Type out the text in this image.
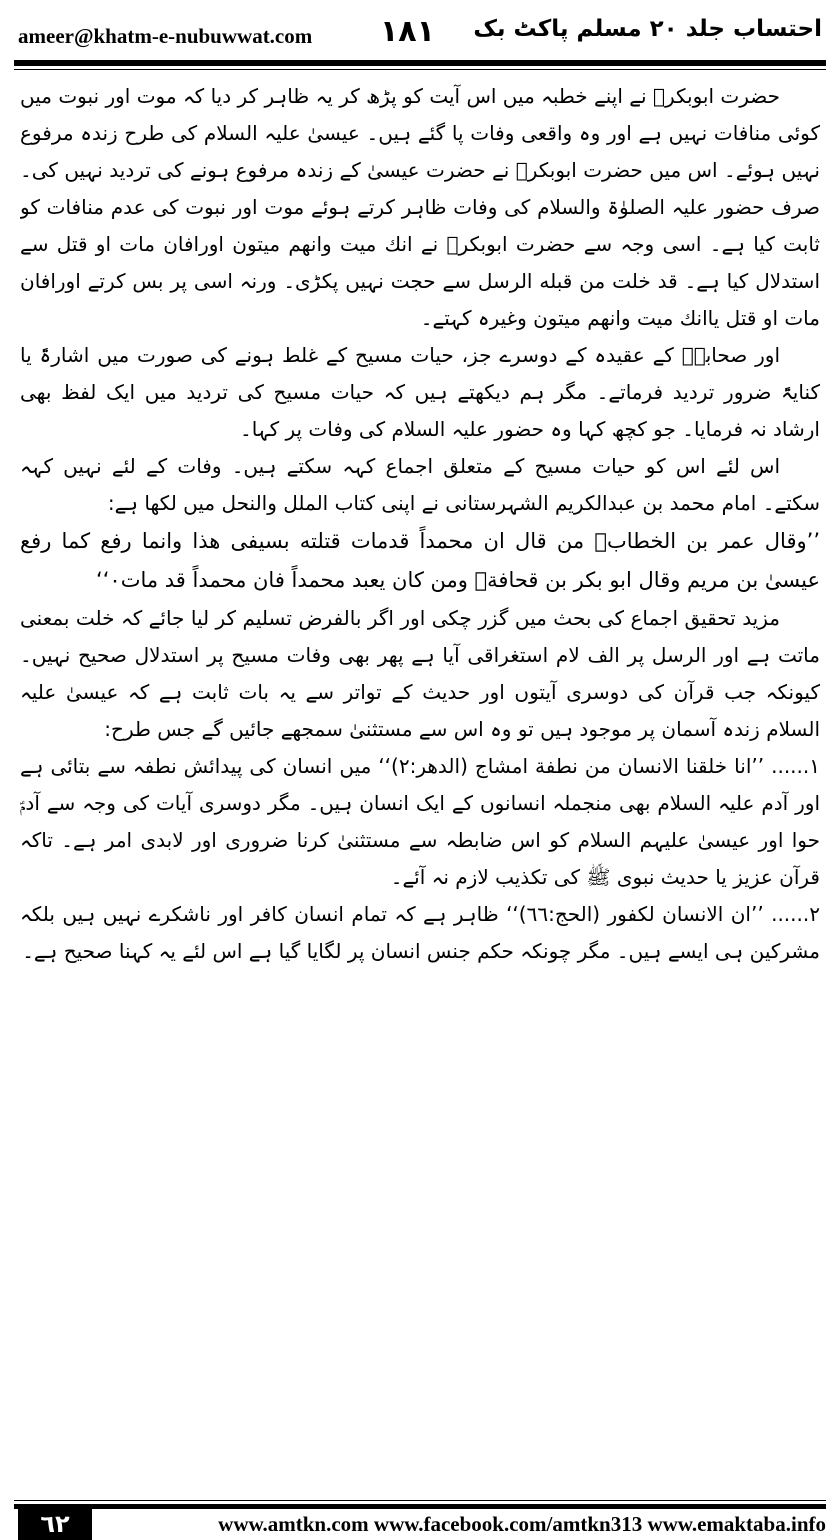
ameer@khatm-e-nubuwwat.com ١٨١ احتساب جلد ۲۰ مسلم پاکٹ بک

حضرت ابوبکرؓ نے اپنے خطبہ میں اس آیت کو پڑھ کر یہ ظاہر کر دیا کہ موت اور نبوت میں کوئی منافات نہیں ہے اور وہ واقعی وفات پا گئے ہیں۔ عیسیٰ علیہ السلام کی طرح زندہ مرفوع نہیں ہوئے۔ اس میں حضرت ابوبکرؓ نے حضرت عیسیٰ کے زندہ مرفوع ہونے کی تردید نہیں کی۔ صرف حضور علیہ الصلوٰۃ والسلام کی وفات ظاہر کرتے ہوئے موت اور نبوت کی عدم منافات کو ثابت کیا ہے۔ اسی وجہ سے حضرت ابوبکرؓ نے انك میت وانهم میتون اورافان مات او قتل سے استدلال کیا ہے۔ قد خلت من قبله الرسل سے حجت نہیں پکڑی۔ ورنہ اسی پر بس کرتے اورافان مات او قتل یاانك میت وانهم میتون وغیرہ کہتے۔

اور صحابہؓ کے عقیدہ کے دوسرے جز، حیات مسیح کے غلط ہونے کی صورت میں اشارۃً یا کنایۃً ضرور تردید فرماتے۔ مگر ہم دیکھتے ہیں کہ حیات مسیح کی تردید میں ایک لفظ بھی ارشاد نہ فرمایا۔ جو کچھ کہا وہ حضور علیہ السلام کی وفات پر کہا۔

اس لئے اس کو حیات مسیح کے متعلق اجماع کہہ سکتے ہیں۔ وفات کے لئے نہیں کہہ سکتے۔ امام محمد بن عبدالکریم الشہرستانی نے اپنی کتاب الملل والنحل میں لکھا ہے:

’’وقال عمر بن الخطابؓ من قال ان محمداً قدمات قتلته بسیفی هذا وانما رفع کما رفع عیسیٰ بن مریم وقال ابو بکر بن قحافةؓ ومن کان یعبد محمداً فان محمداً قد مات۰‘‘

مزید تحقیق اجماع کی بحث میں گزر چکی اور اگر بالفرض تسلیم کر لیا جائے کہ خلت بمعنی ماتت ہے اور الرسل پر الف لام استغراقی آیا ہے پھر بھی وفات مسیح پر استدلال صحیح نہیں۔ کیونکہ جب قرآن کی دوسری آیتوں اور حدیث کے تواتر سے یہ بات ثابت ہے کہ عیسیٰ علیہ السلام زندہ آسمان پر موجود ہیں تو وہ اس سے مستثنیٰ سمجھے جائیں گے جس طرح:

۱...... ’’انا خلقنا الانسان من نطفة امشاج (الدهر:۲)‘‘ میں انسان کی پیدائش نطفہ سے بتائی ہے اور آدم علیہ السلام بھی منجملہ انسانوں کے ایک انسان ہیں۔ مگر دوسری آیات کی وجہ سے آدمؑ حوا اور عیسیٰ علیہم السلام کو اس ضابطہ سے مستثنیٰ کرنا ضروری اور لابدی امر ہے۔ تاکہ قرآن عزیز یا حدیث نبوی ﷺ کی تکذیب لازم نہ آئے۔

۲...... ’’ان الانسان لکفور (الحج:٦٦)‘‘ ظاہر ہے کہ تمام انسان کافر اور ناشکرے نہیں ہیں بلکہ مشرکین ہی ایسے ہیں۔ مگر چونکہ حکم جنس انسان پر لگایا گیا ہے اس لئے یہ کہنا صحیح ہے۔

٦٢	www.amtkn.com www.facebook.com/amtkn313 www.emaktaba.info
